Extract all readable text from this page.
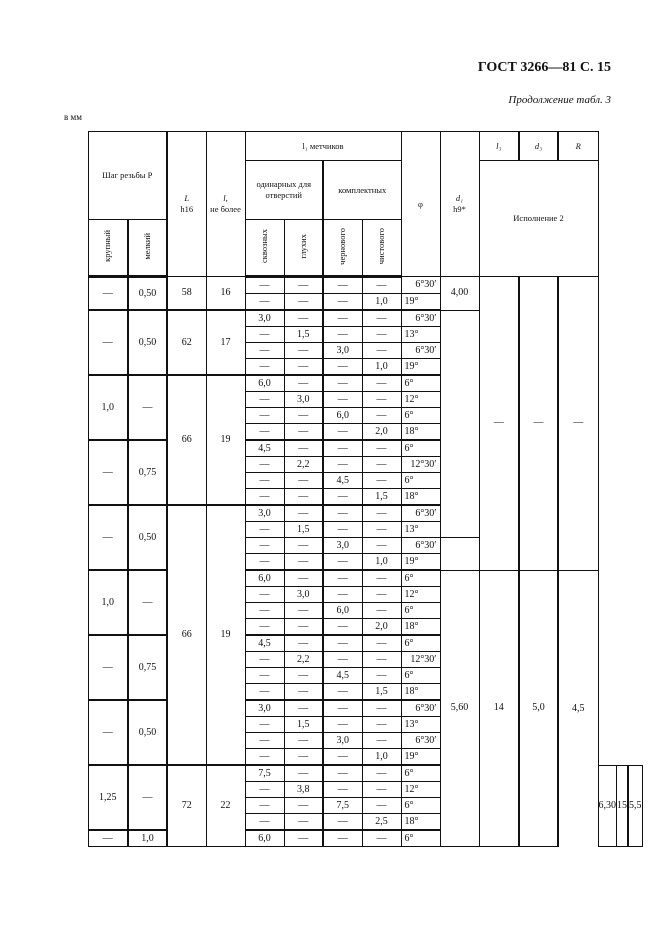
ГОСТ 3266—81 С. 15
Продолжение табл. 3
в мм
	Шаг резьбы P		L
h16	l,
не более	l₁ метчиков				φ	d₁
h9*	l₃	d₃	R			
					одинарных для отверстий		комплектных				Исполнение 2					
	крупный	мелкий			сквозных	глухих	чернового	чистового								
	—	0,50	58	16	—	—	—	—	6°30′	4,00	—	—	—			
					—	—	—	1,0	19°							
	—	0,50	62	17	3,0	—	—	—	6°30′							
					—	1,5	—	—	13°							
					—	—	3,0	—	6°30′							
					—	—	—	1,0	19°							
	1,0	—	66	19	6,0	—	—	—	6°							
					—	3,0	—	—	12°							
					—	—	6,0	—	6°							
					—	—	—	2,0	18°							
	—	0,75			4,5	—	—	—	6°							
					—	2,2	—	—	12°30′							
					—	—	4,5	—	6°							
					—	—	—	1,5	18°							
	—	0,50	66	19	3,0	—	—	—	6°30′							
					—	1,5	—	—	13°							
					—	—	3,0	—	6°30′							
					—	—	—	1,0	19°							
	1,0	—			6,0	—	—	—	6°	5,60	14	5,0	4,5			
					—	3,0	—	—	12°							
					—	—	6,0	—	6°							
					—	—	—	2,0	18°							
	—	0,75			4,5	—	—	—	6°							
					—	2,2	—	—	12°30′							
					—	—	4,5	—	6°							
					—	—	—	1,5	18°							
	—	0,50			3,0	—	—	—	6°30′							
					—	1,5	—	—	13°							
					—	—	3,0	—	6°30′							
					—	—	—	1,0	19°							
	1,25	—	72	22	7,5	—	—	—	6°					6,30	15	5,5
					—	3,8	—	—	12°							
					—	—	7,5	—	6°							
					—	—	—	2,5	18°							
	—	1,0			6,0	—	—	—	6°							
